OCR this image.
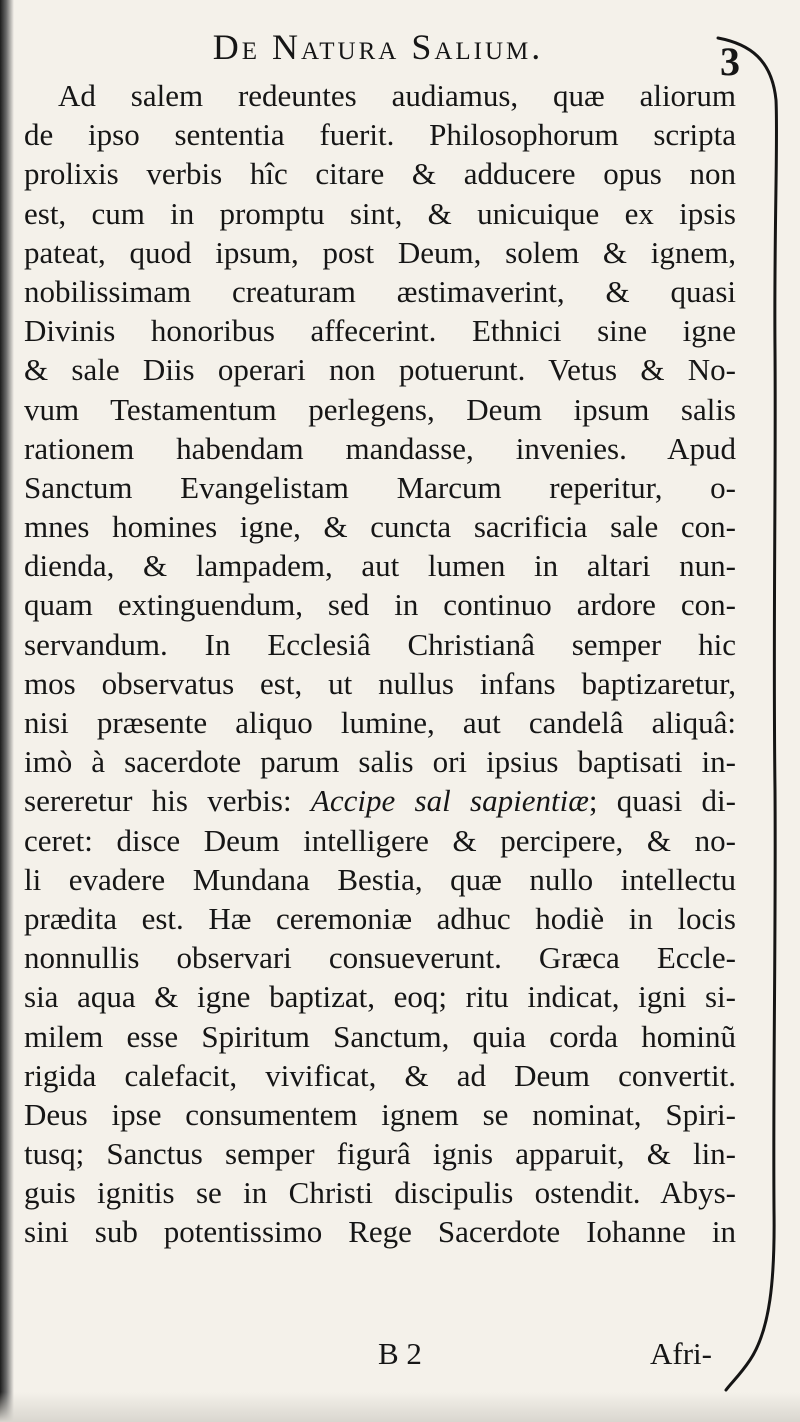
De Natura Salium.	3
Ad salem redeuntes audiamus, quæ aliorum
de ipso sententia fuerit. Philosophorum scripta
prolixis verbis hîc citare & adducere opus non
est, cum in promptu sint, & unicuique ex ipsis
pateat, quod ipsum, post Deum, solem & ignem,
nobilissimam creaturam æstimaverint, & quasi
Divinis honoribus affecerint. Ethnici sine igne
& sale Diis operari non potuerunt. Vetus & No-
vum Testamentum perlegens, Deum ipsum salis
rationem habendam mandasse, invenies. Apud
Sanctum Evangelistam Marcum reperitur, o-
mnes homines igne, & cuncta sacrificia sale con-
dienda, & lampadem, aut lumen in altari nun-
quam extinguendum, sed in continuo ardore con-
servandum. In Ecclesiâ Christianâ semper hic
mos observatus est, ut nullus infans baptizaretur,
nisi præsente aliquo lumine, aut candelâ aliquâ:
imò à sacerdote parum salis ori ipsius baptisati in-
sereretur his verbis: Accipe sal sapientiæ; quasi di-
ceret: disce Deum intelligere & percipere, & no-
li evadere Mundana Bestia, quæ nullo intellectu
prædita est. Hæ ceremoniæ adhuc hodiè in locis
nonnullis observari consueverunt. Græca Eccle-
sia aqua & igne baptizat, eoq; ritu indicat, igni si-
milem esse Spiritum Sanctum, quia corda hominũ
rigida calefacit, vivificat, & ad Deum convertit.
Deus ipse consumentem ignem se nominat, Spiri-
tusq; Sanctus semper figurâ ignis apparuit, & lin-
guis ignitis se in Christi discipulis ostendit. Abys-
sini sub potentissimo Rege Sacerdote Iohanne in
B 2	Afri-
